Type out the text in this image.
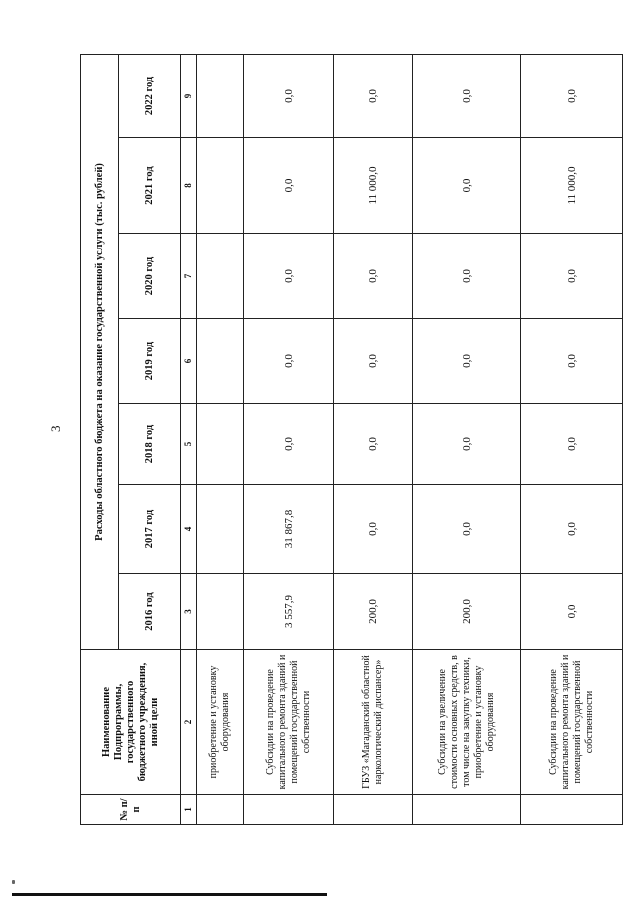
3
№ п/п	Наименование Подпрограммы, государственного бюджетного учреждения, иной цели	Расходы областного бюджета на оказание государственной услуги (тыс. рублей)						
		2016 год	2017 год	2018 год	2019 год	2020 год	2021 год	2022 год
1	2	3	4	5	6	7	8	9
	приобретение и установку оборудования							
	Субсидии на проведение капитального ремонта зданий и помещений государственной собственности	3 557,9	31 867,8	0,0	0,0	0,0	0,0	0,0
	ГБУЗ «Магаданский областной наркологический диспансер»	200,0	0,0	0,0	0,0	0,0	11 000,0	0,0
	Субсидии на увеличение стоимости основных средств, в том числе на закупку техники, приобретение и установку оборудования	200,0	0,0	0,0	0,0	0,0	0,0	0,0
	Субсидии на проведение капитального ремонта зданий и помещений государственной собственности	0,0	0,0	0,0	0,0	0,0	11 000,0	0,0
